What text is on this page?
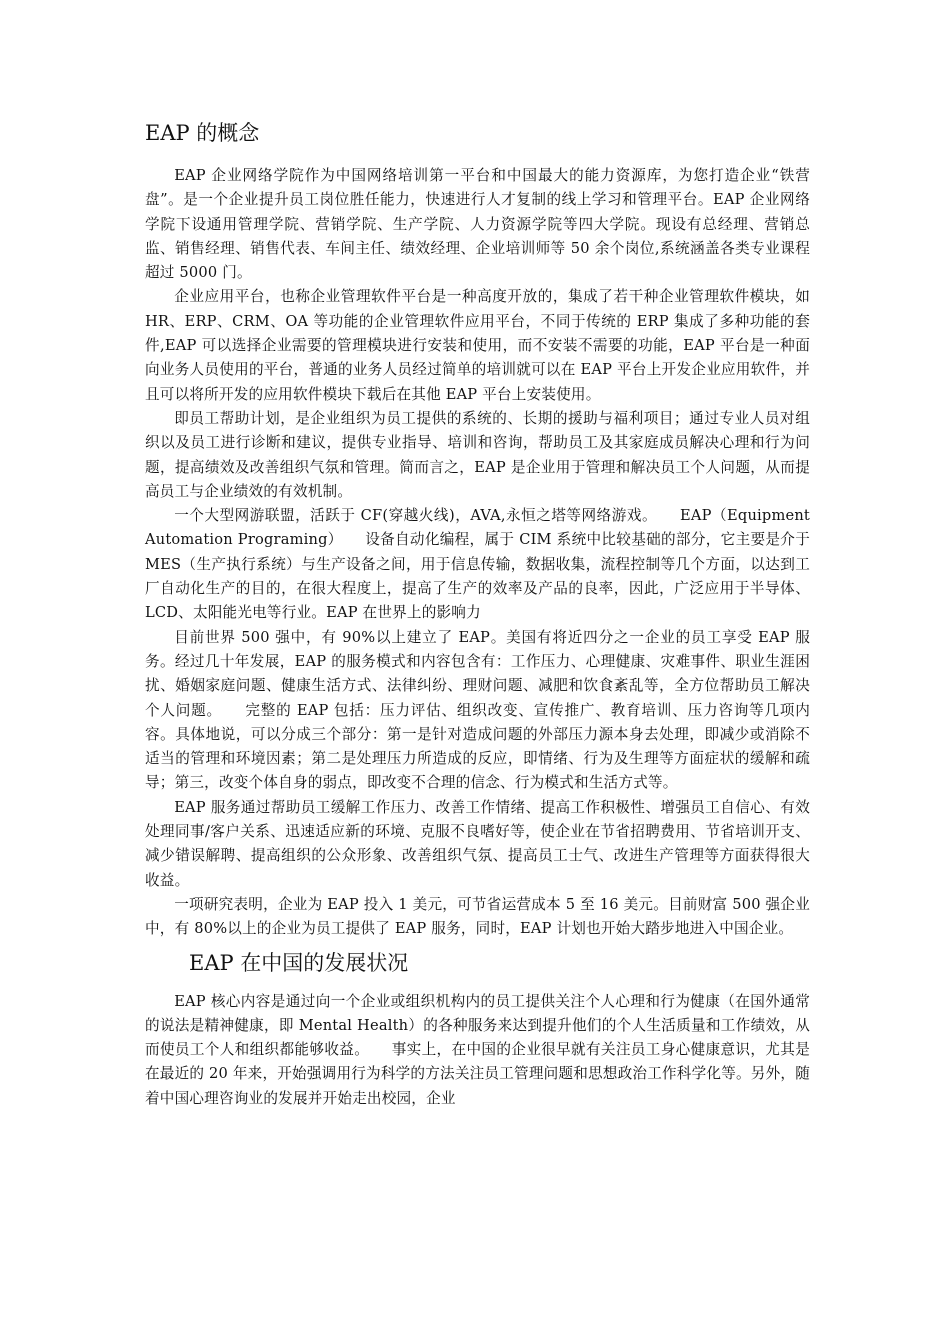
EAP 的概念

EAP 企业网络学院作为中国网络培训第一平台和中国最大的能力资源库，为您打造企业“铁营盘”。是一个企业提升员工岗位胜任能力，快速进行人才复制的线上学习和管理平台。EAP 企业网络学院下设通用管理学院、营销学院、生产学院、人力资源学院等四大学院。现设有总经理、营销总监、销售经理、销售代表、车间主任、绩效经理、企业培训师等 50 余个岗位,系统涵盖各类专业课程超过 5000 门。

企业应用平台，也称企业管理软件平台是一种高度开放的，集成了若干种企业管理软件模块，如 HR、ERP、CRM、OA 等功能的企业管理软件应用平台，不同于传统的 ERP 集成了多种功能的套件,EAP 可以选择企业需要的管理模块进行安装和使用，而不安装不需要的功能，EAP 平台是一种面向业务人员使用的平台，普通的业务人员经过简单的培训就可以在 EAP 平台上开发企业应用软件，并且可以将所开发的应用软件模块下载后在其他 EAP 平台上安装使用。

即员工帮助计划，是企业组织为员工提供的系统的、长期的援助与福利项目；通过专业人员对组织以及员工进行诊断和建议，提供专业指导、培训和咨询，帮助员工及其家庭成员解决心理和行为问题，提高绩效及改善组织气氛和管理。简而言之，EAP 是企业用于管理和解决员工个人问题，从而提高员工与企业绩效的有效机制。

一个大型网游联盟，活跃于 CF(穿越火线)，AVA,永恒之塔等网络游戏。　　EAP（Equipment Automation Programing）　　设备自动化编程，属于 CIM 系统中比较基础的部分，它主要是介于 MES（生产执行系统）与生产设备之间，用于信息传输，数据收集，流程控制等几个方面，以达到工厂自动化生产的目的，在很大程度上，提高了生产的效率及产品的良率，因此，广泛应用于半导体、LCD、太阳能光电等行业。EAP 在世界上的影响力

目前世界 500 强中，有 90%以上建立了 EAP。美国有将近四分之一企业的员工享受 EAP 服务。经过几十年发展，EAP 的服务模式和内容包含有：工作压力、心理健康、灾难事件、职业生涯困扰、婚姻家庭问题、健康生活方式、法律纠纷、理财问题、减肥和饮食紊乱等，全方位帮助员工解决个人问题。　　完整的 EAP 包括：压力评估、组织改变、宣传推广、教育培训、压力咨询等几项内容。具体地说，可以分成三个部分：第一是针对造成问题的外部压力源本身去处理，即减少或消除不适当的管理和环境因素；第二是处理压力所造成的反应，即情绪、行为及生理等方面症状的缓解和疏导；第三，改变个体自身的弱点，即改变不合理的信念、行为模式和生活方式等。

EAP 服务通过帮助员工缓解工作压力、改善工作情绪、提高工作积极性、增强员工自信心、有效处理同事/客户关系、迅速适应新的环境、克服不良嗜好等，使企业在节省招聘费用、节省培训开支、减少错误解聘、提高组织的公众形象、改善组织气氛、提高员工士气、改进生产管理等方面获得很大收益。

一项研究表明，企业为 EAP 投入 1 美元，可节省运营成本 5 至 16 美元。目前财富 500 强企业中，有 80%以上的企业为员工提供了 EAP 服务，同时，EAP 计划也开始大踏步地进入中国企业。

EAP 在中国的发展状况

EAP 核心内容是通过向一个企业或组织机构内的员工提供关注个人心理和行为健康（在国外通常的说法是精神健康，即 Mental Health）的各种服务来达到提升他们的个人生活质量和工作绩效，从而使员工个人和组织都能够收益。　　事实上，在中国的企业很早就有关注员工身心健康意识，尤其是在最近的 20 年来，开始强调用行为科学的方法关注员工管理问题和思想政治工作科学化等。另外，随着中国心理咨询业的发展并开始走出校园，企业
